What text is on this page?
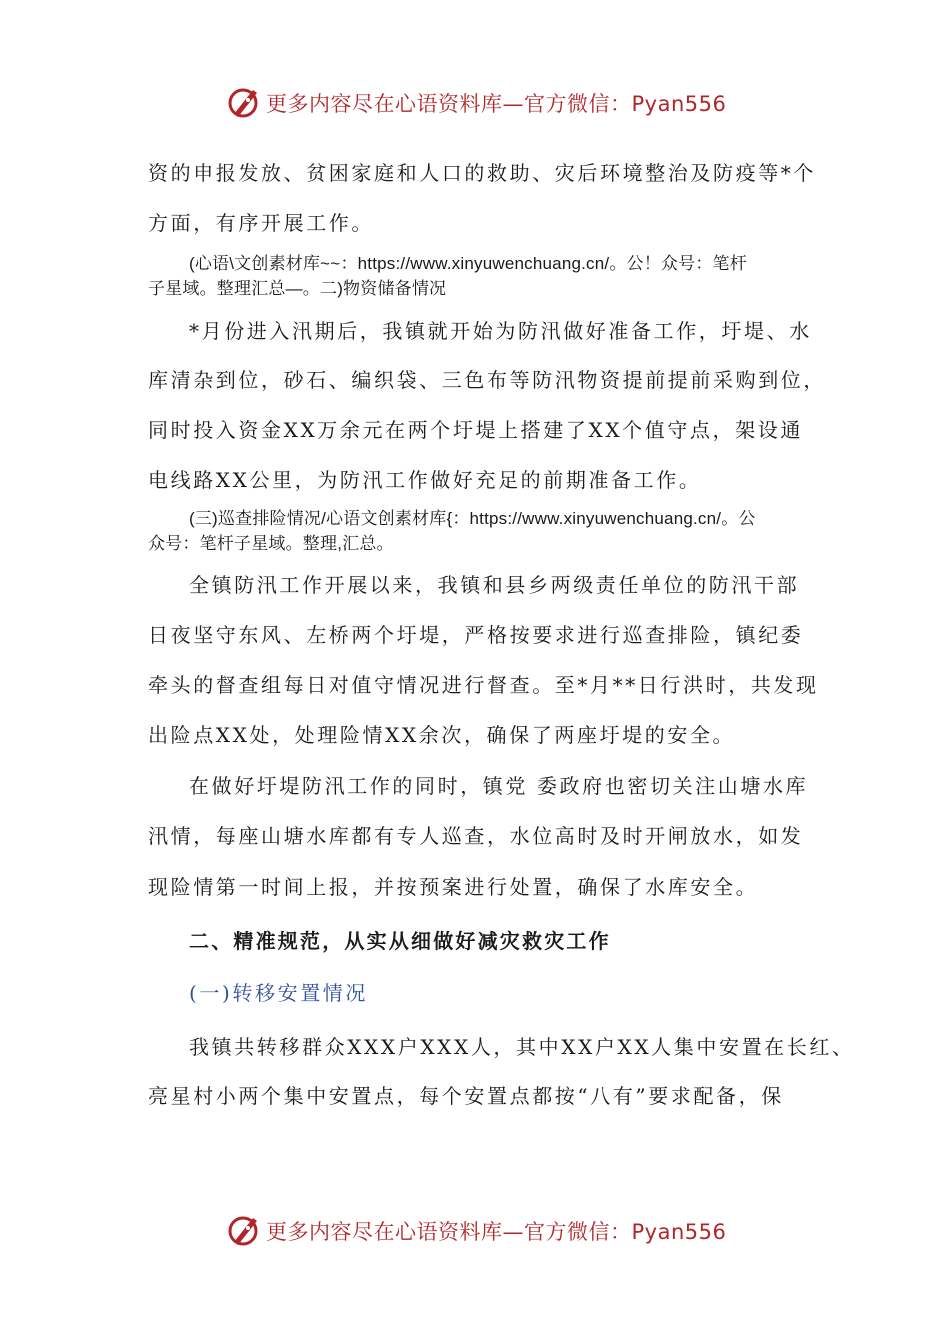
更多内容尽在心语资料库—官方微信：Pyan556
资的申报发放、贫困家庭和人口的救助、灾后环境整治及防疫等*个
方面，有序开展工作。
(心语\文创素材库~~：https://www.xinyuwenchuang.cn/。公！众号：笔杆
子星域。整理汇总—。二)物资储备情况
*月份进入汛期后，我镇就开始为防汛做好准备工作，圩堤、水
库清杂到位，砂石、编织袋、三色布等防汛物资提前提前采购到位，
同时投入资金XX万余元在两个圩堤上搭建了XX个值守点，架设通
电线路XX公里，为防汛工作做好充足的前期准备工作。
(三)巡查排险情况/心语文创素材库{：https://www.xinyuwenchuang.cn/。公
众号：笔杆子星域。整理,汇总。
全镇防汛工作开展以来，我镇和县乡两级责任单位的防汛干部
日夜坚守东风、左桥两个圩堤，严格按要求进行巡查排险，镇纪委
牵头的督查组每日对值守情况进行督查。至*月**日行洪时，共发现
出险点XX处，处理险情XX余次，确保了两座圩堤的安全。
在做好圩堤防汛工作的同时，镇党 委政府也密切关注山塘水库
汛情，每座山塘水库都有专人巡查，水位高时及时开闸放水，如发
现险情第一时间上报，并按预案进行处置，确保了水库安全。
二、精准规范，从实从细做好减灾救灾工作
(一)转移安置情况
我镇共转移群众XXX户XXX人，其中XX户XX人集中安置在长红、
亮星村小两个集中安置点，每个安置点都按“八有”要求配备，保
更多内容尽在心语资料库—官方微信：Pyan556
